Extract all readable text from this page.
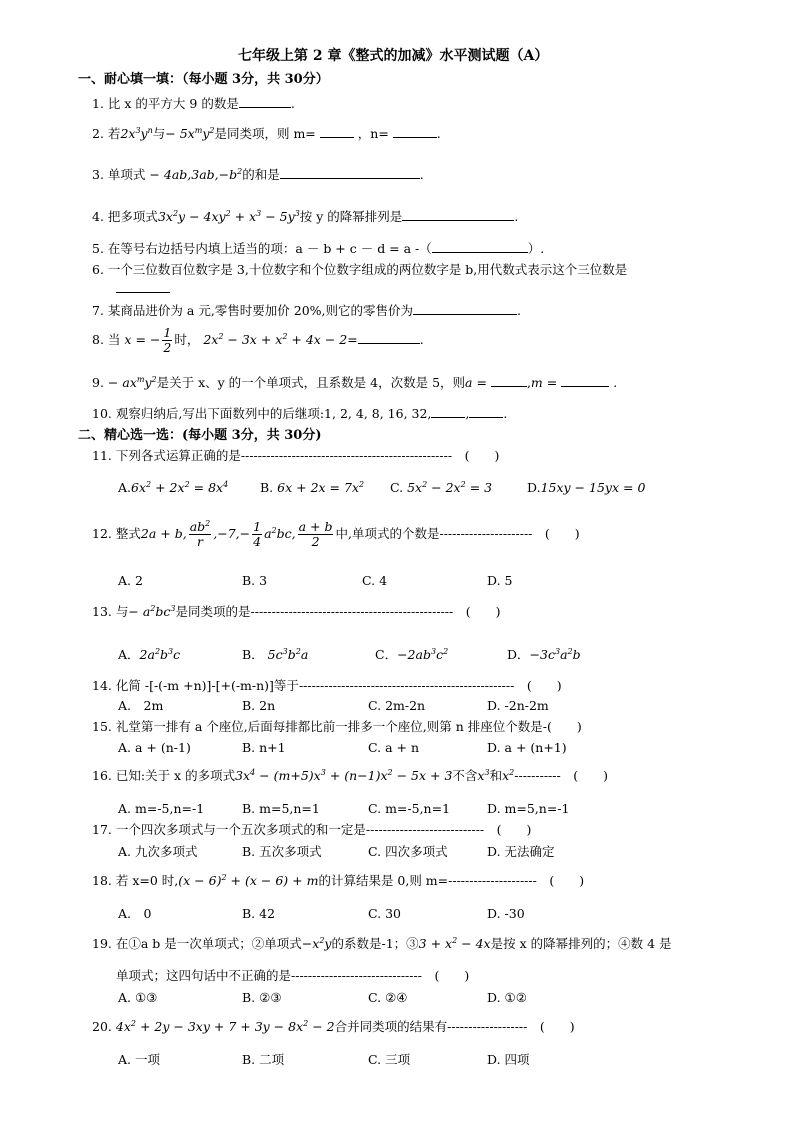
七年级上第 2 章《整式的加减》水平测试题（A）
一、耐心填一填：（每小题 3分，共 30分）
1. 比 x 的平方大 9 的数是	.
2. 若$2x^3y^n$与− $5x^my^2$是同类项，则 m=	，n=	.
3. 单项式 − $4ab,3ab,-b^2$的和是	.
4. 把多项式$3x^2y - 4xy^2 + x^3 - 5y^3$按 y 的降幂排列是	.
5. 在等号右边括号内填上适当的项：a － b + c － d = a -（	）.
6. 一个三位数百位数字是 3,十位数字和个位数字组成的两位数字是 b,用代数式表示这个三位数是
7. 某商品进价为 a 元,零售时要加价 20%,则它的零售价为	.
8. 当 x = − $\frac{1}{2}$ 时， $2x^2 - 3x + x^2 + 4x - 2=$	.
9. − $ax^my^2$是关于 x、y 的一个单项式，且系数是 4，次数是 5，则a =	,m =	.
10. 观察归纳后,写出下面数列中的后继项:1, 2, 4, 8, 16, 32,	,	.
二、精心选一选：(每小题 3分，共 30分)
11. 下列各式运算正确的是--------------------------------------------------　 (　　)
$A.6x^2 + 2x^2 = 8x^4$	B. $6x + 2x = 7x^2$ C. $5x^2 - 2x^2 = 3$	D.15xy − 15yx = 0
12. 整式2a + b, $\frac{ab^2}{r} ,-7,- \frac{1}{4} a^2bc$, $\frac{a + b}{2}$ 中,单项式的个数是----------------------　 (　　)
A. 2	B. 3	C. 4	D. 5
13. 与− $a^2bc^3$是同类项的是------------------------------------------------　 (　　)
A．$2a^2b^3c$	B． $5c^3b^2a$	C．$-2ab^3c^2$	D．$-3c^3a^2b$
14. 化简 -[-(-m +n)]-[+(-m-n)]等于---------------------------------------------------　 (　　)
A.　2m	B. 2n	C. 2m-2n	D. -2n-2m
15. 礼堂第一排有 a 个座位,后面每排都比前一排多一个座位,则第 n 排座位个数是-(　　)
A. a + (n-1)	B. n+1	C. a + n	D. a + (n+1)
16. 已知:关于 x 的多项式$3x^4 - (m+5)x^3 + (n-1)x^2 - 5x + 3$不含$x^3$和$x^2-----------$　 (　　)
A. m=-5,n=-1	B. m=5,n=1	C. m=-5,n=1	D. m=5,n=-1
17. 一个四次多项式与一个五次多项式的和一定是----------------------------　 (　　)
A. 九次多项式	B. 五次多项式	C. 四次多项式	D. 无法确定
18. 若 x=0 时$,(x - 6)^2 + (x - 6) + m$的计算结果是 0,则 m=---------------------　 (　　)
A.　0	B. 42	C. 30	D. -30
19. 在①a b 是一次单项式；②单项式$-x^2y$的系数是-1；③3 + $x^2 - 4x$是按 x 的降幂排列的；④数 4 是
单项式；这四句话中不正确的是-------------------------------　 (　　)
A. ①③	B. ②③	C. ②④	D. ①②
20. $4x^2 + 2y - 3xy + 7 + 3y - 8x^2 - 2$合并同类项的结果有-------------------　 (　　)
A. 一项	B. 二项	C. 三项	D. 四项
